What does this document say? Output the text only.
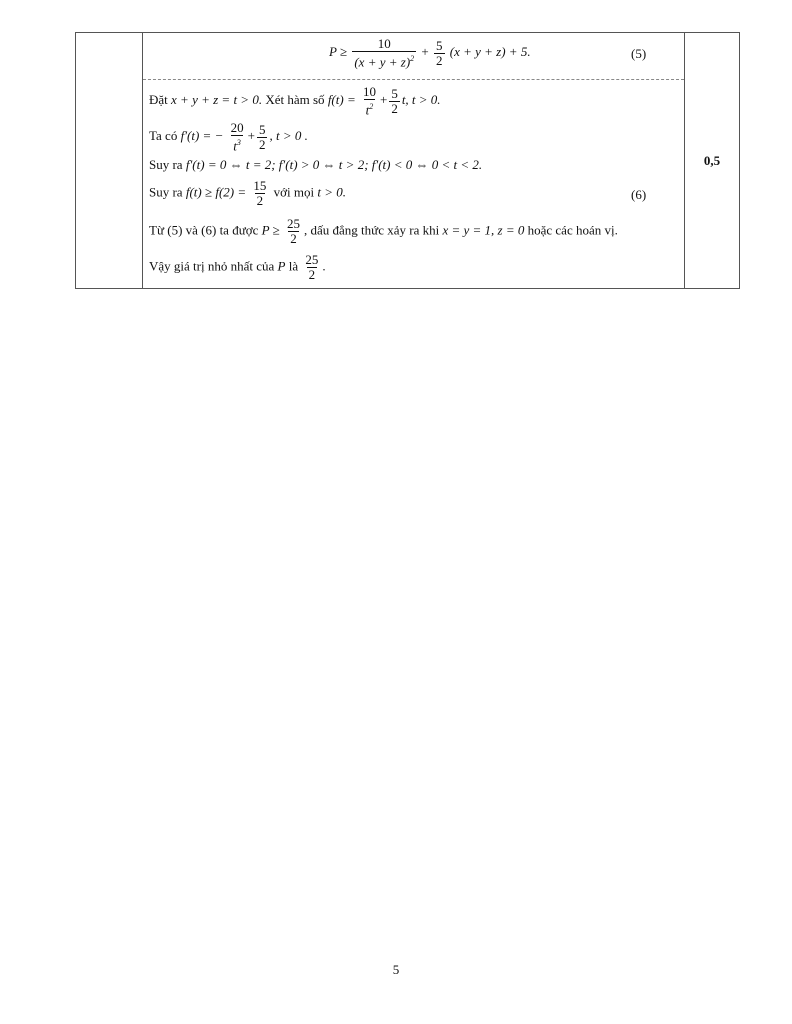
$P \ge \frac{10}{(x + y + z)^2} + \frac{5}{2} (x + y + z) + 5$.	(5)
Đặt x + y + z = t > 0. Xét hàm số $f(t) = \frac{10}{t^2} + \frac{5}{2} t$, t > 0.
Ta có f′(t) = − $\frac{20}{t^3} + \frac{5}{2}$ , t > 0 .
Suy ra f′(t) = 0 ⇔ t = 2; f′(t) > 0 ⇔ t > 2; f′(t) < 0 ⇔ 0 < t < 2.
Suy ra $f(t) \ge f(2) = \frac{15}{2}$ với mọi t > 0.	(6)
Từ (5) và (6) ta được $P \ge \frac{25}{2}$ , dấu đẳng thức xảy ra khi x = y = 1, z = 0 hoặc các hoán vị.
Vậy giá trị nhỏ nhất của P là $\frac{25}{2}$ .
	0,5
5
